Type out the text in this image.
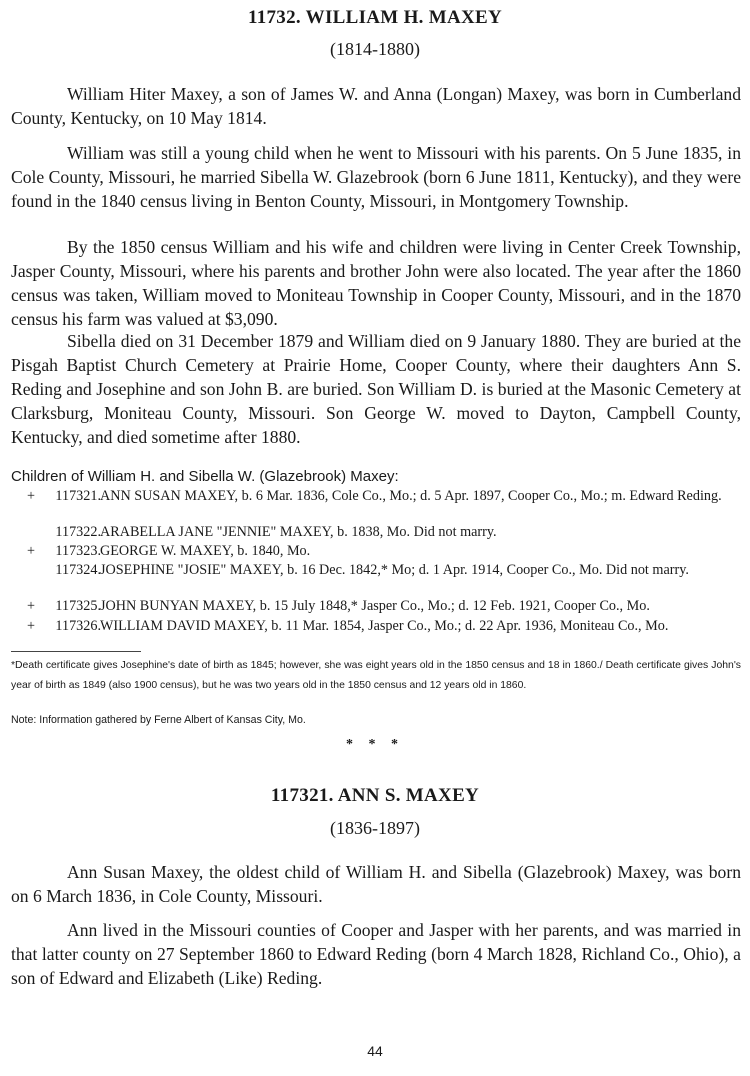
11732. WILLIAM H. MAXEY
(1814-1880)

William Hiter Maxey, a son of James W. and Anna (Longan) Maxey, was born in Cumberland County, Kentucky, on 10 May 1814.

William was still a young child when he went to Missouri with his parents. On 5 June 1835, in Cole County, Missouri, he married Sibella W. Glazebrook (born 6 June 1811, Kentucky), and they were found in the 1840 census living in Benton County, Missouri, in Montgomery Township.

By the 1850 census William and his wife and children were living in Center Creek Township, Jasper County, Missouri, where his parents and brother John were also located. The year after the 1860 census was taken, William moved to Moniteau Township in Cooper County, Missouri, and in the 1870 census his farm was valued at $3,090.

Sibella died on 31 December 1879 and William died on 9 January 1880. They are buried at the Pisgah Baptist Church Cemetery at Prairie Home, Cooper County, where their daughters Ann S. Reding and Josephine and son John B. are buried. Son William D. is buried at the Masonic Cemetery at Clarksburg, Moniteau County, Missouri. Son George W. moved to Dayton, Campbell County, Kentucky, and died sometime after 1880.

Children of William H. and Sibella W. (Glazebrook) Maxey:
+	117321. ANN SUSAN MAXEY, b. 6 Mar. 1836, Cole Co., Mo.; d. 5 Apr. 1897, Cooper Co., Mo.; m. Edward Reding.
117322. ARABELLA JANE "JENNIE" MAXEY, b. 1838, Mo. Did not marry.
+	117323. GEORGE W. MAXEY, b. 1840, Mo.
117324. JOSEPHINE "JOSIE" MAXEY, b. 16 Dec. 1842,* Mo; d. 1 Apr. 1914, Cooper Co., Mo. Did not marry.
+	117325. JOHN BUNYAN MAXEY, b. 15 July 1848,* Jasper Co., Mo.; d. 12 Feb. 1921, Cooper Co., Mo.
+	117326. WILLIAM DAVID MAXEY, b. 11 Mar. 1854, Jasper Co., Mo.; d. 22 Apr. 1936, Moniteau Co., Mo.
*Death certificate gives Josephine's date of birth as 1845; however, she was eight years old in the 1850 census and 18 in 1860./ Death certificate gives John's year of birth as 1849 (also 1900 census), but he was two years old in the 1850 census and 12 years old in 1860.
Note: Information gathered by Ferne Albert of Kansas City, Mo.
* * *
117321. ANN S. MAXEY
(1836-1897)

Ann Susan Maxey, the oldest child of William H. and Sibella (Glazebrook) Maxey, was born on 6 March 1836, in Cole County, Missouri.

Ann lived in the Missouri counties of Cooper and Jasper with her parents, and was married in that latter county on 27 September 1860 to Edward Reding (born 4 March 1828, Richland Co., Ohio), a son of Edward and Elizabeth (Like) Reding.

44
